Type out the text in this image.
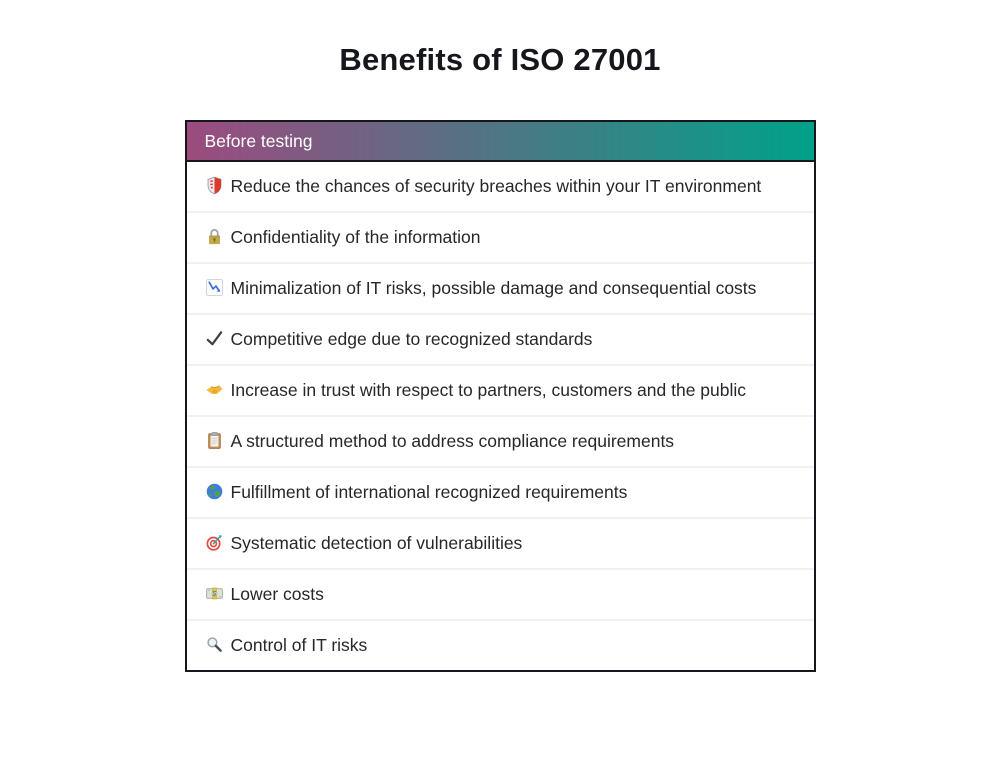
Benefits of ISO 27001
Before testing
Reduce the chances of security breaches within your IT environment
Confidentiality of the information
Minimalization of IT risks, possible damage and consequential costs
Competitive edge due to recognized standards
Increase in trust with respect to partners, customers and the public
A structured method to address compliance requirements
Fulfillment of international recognized requirements
Systematic detection of vulnerabilities
$ Lower costs
Control of IT risks
